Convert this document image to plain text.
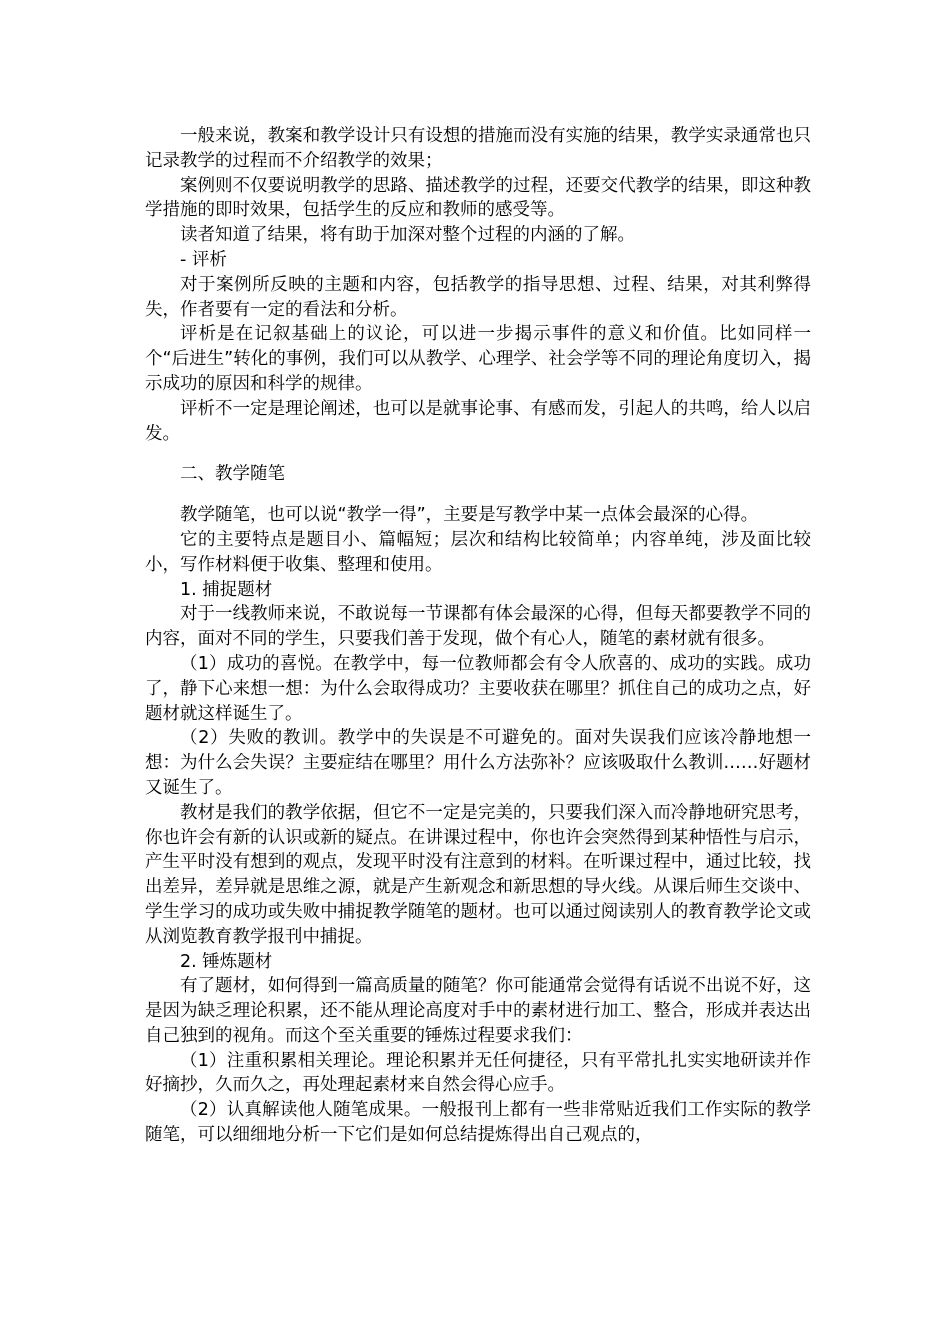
一般来说，教案和教学设计只有设想的措施而没有实施的结果，教学实录通常也只记录教学的过程而不介绍教学的效果；

案例则不仅要说明教学的思路、描述教学的过程，还要交代教学的结果，即这种教学措施的即时效果，包括学生的反应和教师的感受等。

读者知道了结果，将有助于加深对整个过程的内涵的了解。

- 评析

对于案例所反映的主题和内容，包括教学的指导思想、过程、结果，对其利弊得失，作者要有一定的看法和分析。

评析是在记叙基础上的议论，可以进一步揭示事件的意义和价值。比如同样一个“后进生”转化的事例，我们可以从教学、心理学、社会学等不同的理论角度切入，揭示成功的原因和科学的规律。

评析不一定是理论阐述，也可以是就事论事、有感而发，引起人的共鸣，给人以启发。

二、教学随笔

教学随笔，也可以说“教学一得”，主要是写教学中某一点体会最深的心得。

它的主要特点是题目小、篇幅短；层次和结构比较简单；内容单纯，涉及面比较小，写作材料便于收集、整理和使用。

1. 捕捉题材

对于一线教师来说，不敢说每一节课都有体会最深的心得，但每天都要教学不同的内容，面对不同的学生，只要我们善于发现，做个有心人，随笔的素材就有很多。

（1）成功的喜悦。在教学中，每一位教师都会有令人欣喜的、成功的实践。成功了，静下心来想一想：为什么会取得成功？主要收获在哪里？抓住自己的成功之点，好题材就这样诞生了。

（2）失败的教训。教学中的失误是不可避免的。面对失误我们应该冷静地想一想：为什么会失误？主要症结在哪里？用什么方法弥补？应该吸取什么教训……好题材又诞生了。

教材是我们的教学依据，但它不一定是完美的，只要我们深入而冷静地研究思考，你也许会有新的认识或新的疑点。在讲课过程中，你也许会突然得到某种悟性与启示，产生平时没有想到的观点，发现平时没有注意到的材料。在听课过程中，通过比较，找出差异，差异就是思维之源，就是产生新观念和新思想的导火线。从课后师生交谈中、学生学习的成功或失败中捕捉教学随笔的题材。也可以通过阅读别人的教育教学论文或从浏览教育教学报刊中捕捉。

2. 锤炼题材

有了题材，如何得到一篇高质量的随笔？你可能通常会觉得有话说不出说不好，这是因为缺乏理论积累，还不能从理论高度对手中的素材进行加工、整合，形成并表达出自己独到的视角。而这个至关重要的锤炼过程要求我们：

（1）注重积累相关理论。理论积累并无任何捷径，只有平常扎扎实实地研读并作好摘抄，久而久之，再处理起素材来自然会得心应手。

（2）认真解读他人随笔成果。一般报刊上都有一些非常贴近我们工作实际的教学随笔，可以细细地分析一下它们是如何总结提炼得出自己观点的，
